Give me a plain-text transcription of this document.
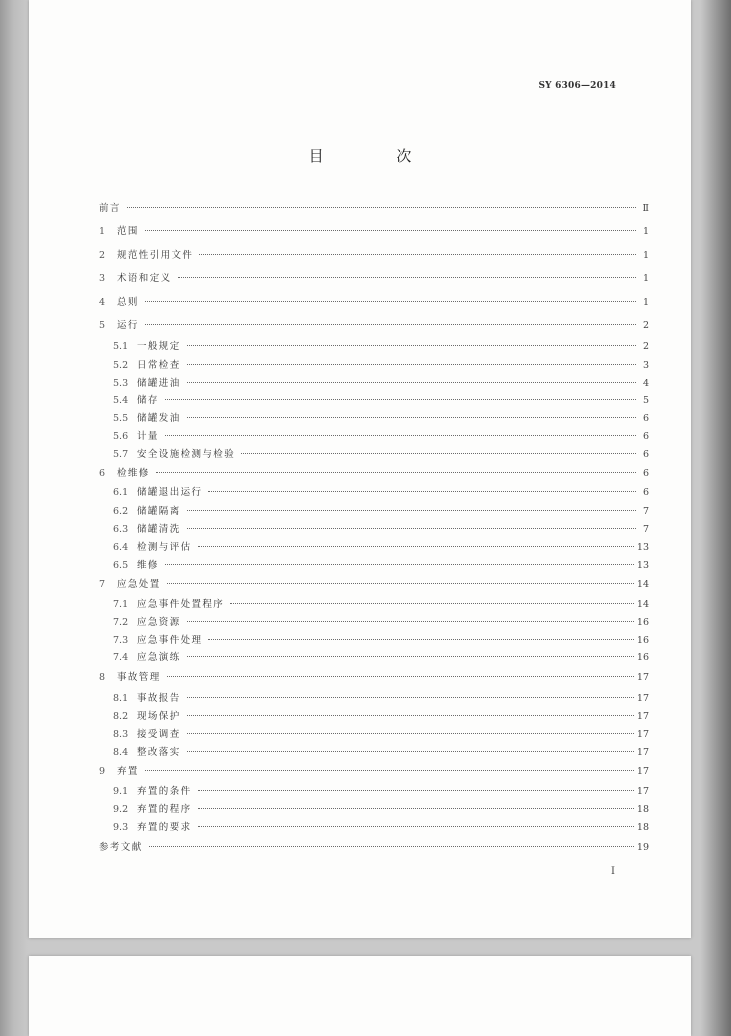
SY 6306—2014
目 次
前言	Ⅱ
1	范围	1
2	规范性引用文件	1
3	术语和定义	1
4	总则	1
5	运行	2
5.1 一般规定	2
5.2 日常检查	3
5.3 储罐进油	4
5.4 储存	5
5.5 储罐发油	6
5.6 计量	6
5.7 安全设施检测与检验	6
6	检维修	6
6.1 储罐退出运行	6
6.2 储罐隔离	7
6.3 储罐清洗	7
6.4 检测与评估	13
6.5 维修	13
7	应急处置	14
7.1 应急事件处置程序	14
7.2 应急资源	16
7.3 应急事件处理	16
7.4 应急演练	16
8	事故管理	17
8.1 事故报告	17
8.2 现场保护	17
8.3 接受调查	17
8.4 整改落实	17
9	弃置	17
9.1 弃置的条件	17
9.2 弃置的程序	18
9.3 弃置的要求	18
参考文献	19
I
